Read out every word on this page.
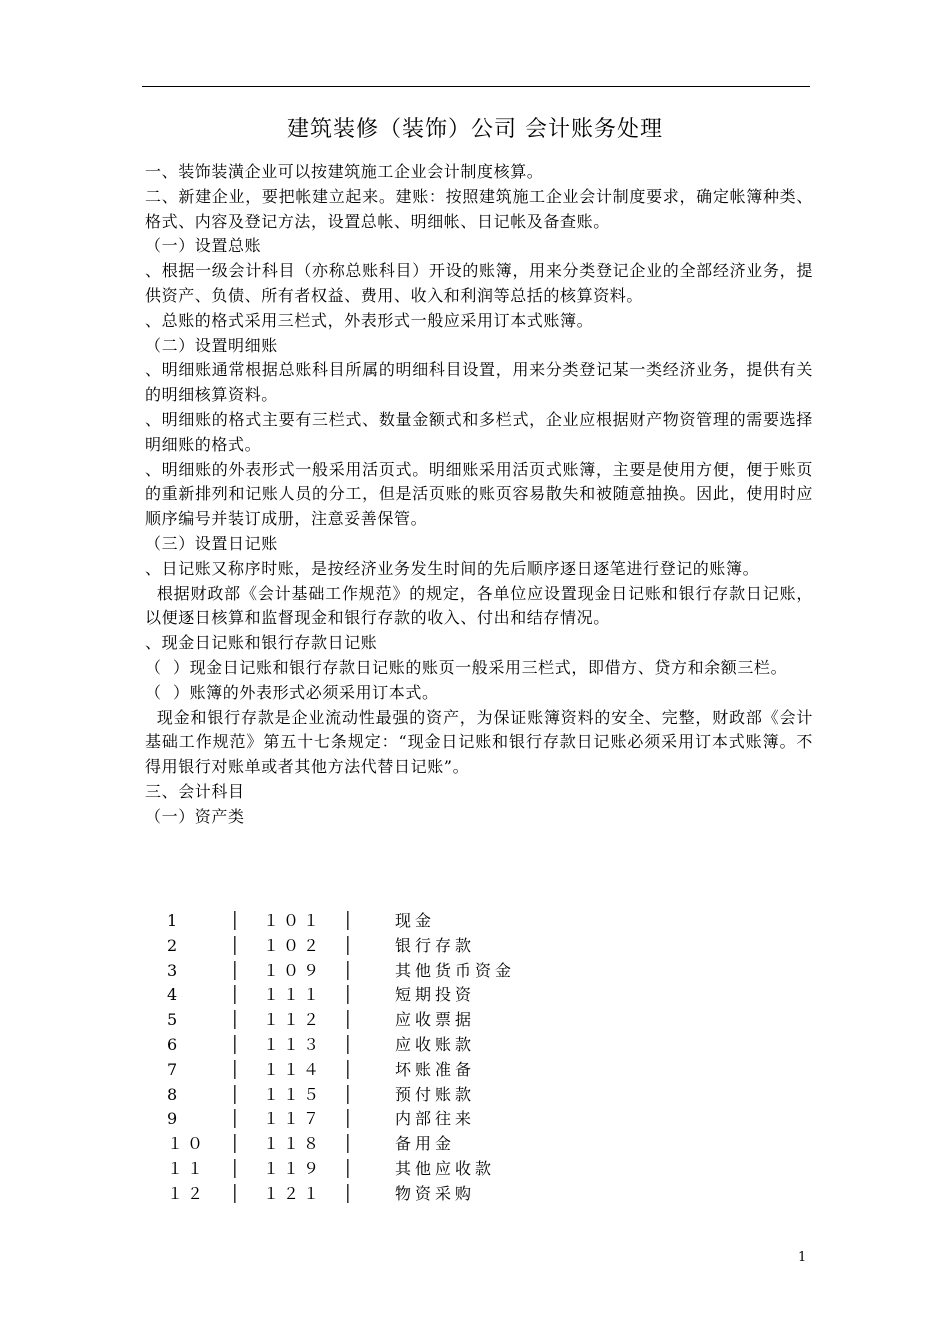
建筑装修（装饰）公司 会计账务处理

一、装饰装潢企业可以按建筑施工企业会计制度核算。

二、新建企业，要把帐建立起来。建账：按照建筑施工企业会计制度要求，确定帐簿种类、格式、内容及登记方法，设置总帐、明细帐、日记帐及备查账。

（一）设置总账

、根据一级会计科目（亦称总账科目）开设的账簿，用来分类登记企业的全部经济业务，提供资产、负债、所有者权益、费用、收入和利润等总括的核算资料。

、总账的格式采用三栏式，外表形式一般应采用订本式账簿。

（二）设置明细账

、明细账通常根据总账科目所属的明细科目设置，用来分类登记某一类经济业务，提供有关的明细核算资料。

、明细账的格式主要有三栏式、数量金额式和多栏式，企业应根据财产物资管理的需要选择明细账的格式。

、明细账的外表形式一般采用活页式。明细账采用活页式账簿，主要是使用方便，便于账页的重新排列和记账人员的分工，但是活页账的账页容易散失和被随意抽换。因此，使用时应顺序编号并装订成册，注意妥善保管。

（三）设置日记账

、日记账又称序时账，是按经济业务发生时间的先后顺序逐日逐笔进行登记的账簿。

根据财政部《会计基础工作规范》的规定，各单位应设置现金日记账和银行存款日记账，以便逐日核算和监督现金和银行存款的收入、付出和结存情况。

、现金日记账和银行存款日记账

（  ）现金日记账和银行存款日记账的账页一般采用三栏式，即借方、贷方和余额三栏。

（  ）账簿的外表形式必须采用订本式。

现金和银行存款是企业流动性最强的资产，为保证账簿资料的安全、完整，财政部《会计基础工作规范》第五十七条规定：“现金日记账和银行存款日记账必须采用订本式账簿。不得用银行对账单或者其他方法代替日记账”。

三、会计科目

（一）资产类

1	│ １０１ │ 现金
2	│ １０２ │ 银行存款
3	│ １０９ │ 其他货币资金
4	│ １１１ │ 短期投资
5	│ １１２ │ 应收票据
6	│ １１３ │ 应收账款
7	│ １１４ │ 坏账准备
8	│ １１５ │ 预付账款
9	│ １１７ │ 内部往来
１０ │ １１８ │ 备用金
１１ │ １１９ │ 其他应收款
１２ │ １２１ │ 物资采购
1
